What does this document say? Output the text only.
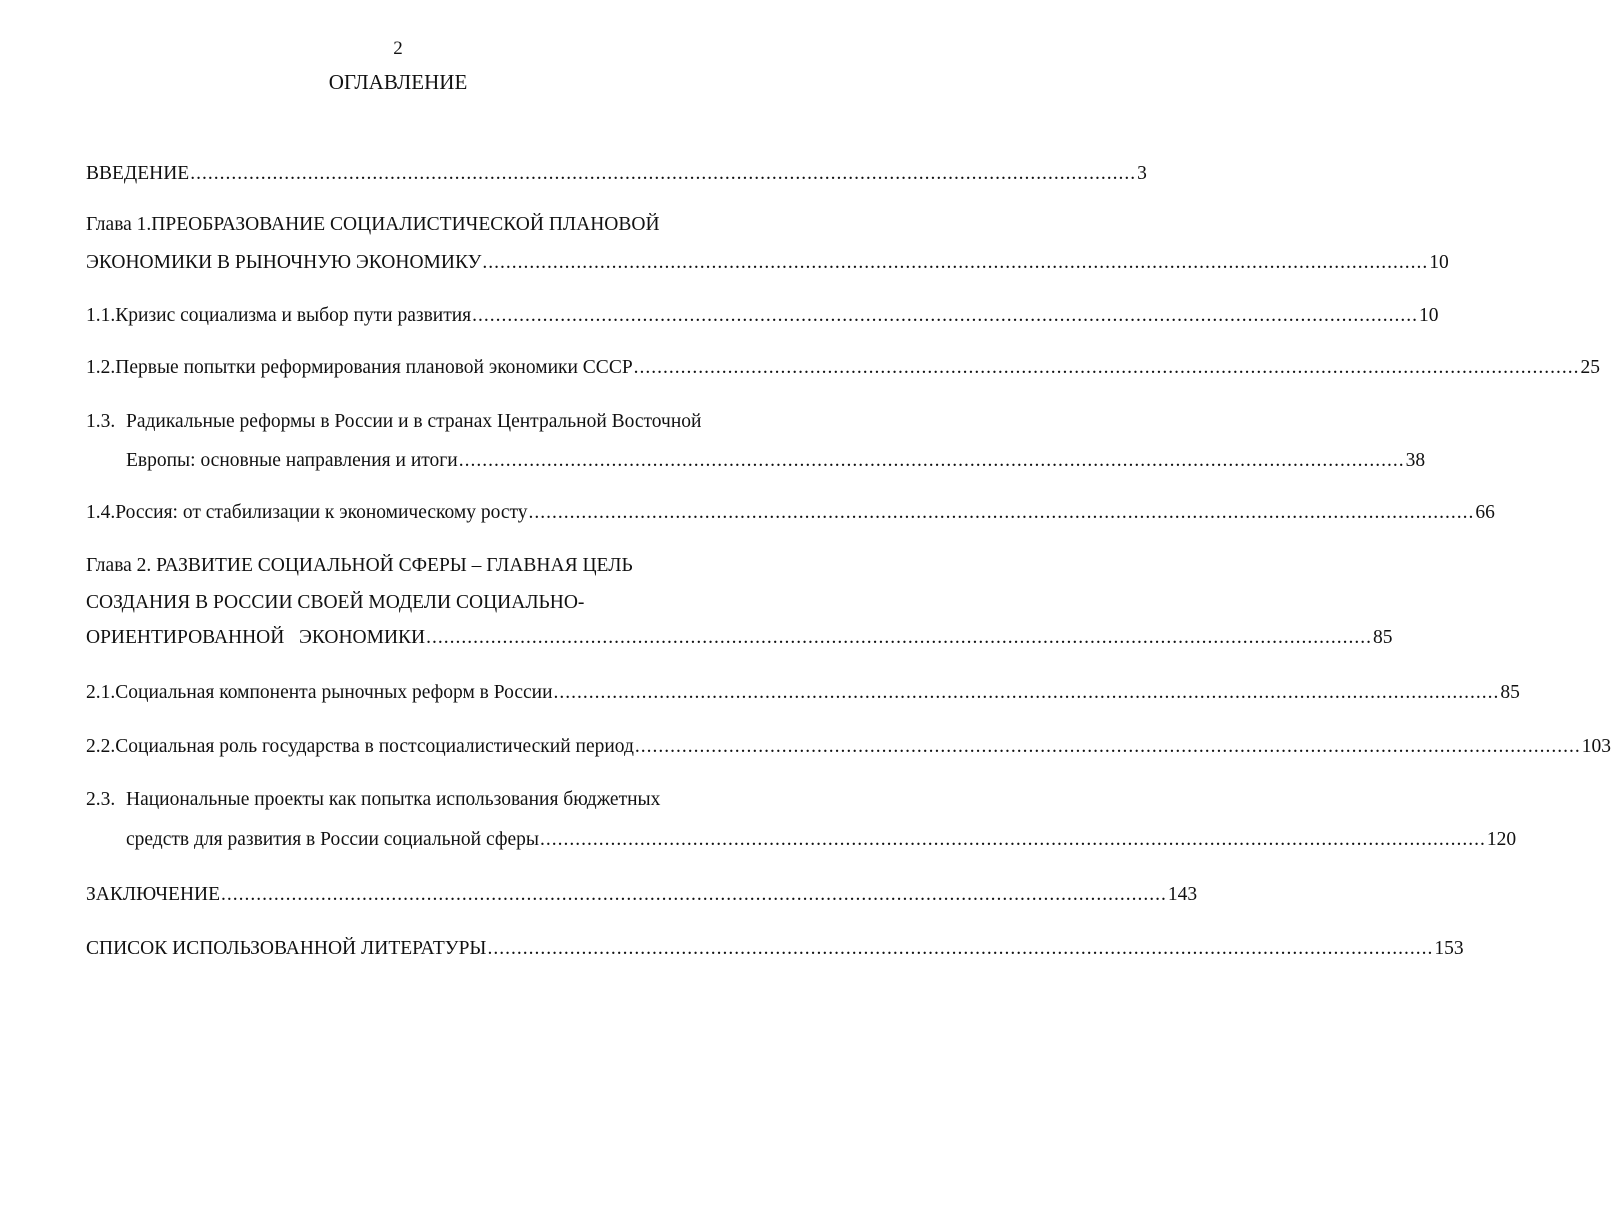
2
ОГЛАВЛЕНИЕ
ВВЕДЕНИЕ ................................................................................................................................................................. 3
Глава 1.ПРЕОБРАЗОВАНИЕ СОЦИАЛИСТИЧЕСКОЙ ПЛАНОВОЙ
ЭКОНОМИКИ В РЫНОЧНУЮ ЭКОНОМИКУ ................................................................................................................................................................. 10
1.1. Кризис социализма и выбор пути развития ................................................................................................................................................................. 10
1.2. Первые попытки реформирования плановой экономики СССР ................................................................................................................................................................. 25
1.3. Радикальные реформы в России и в странах Центральной Восточной
Европы: основные направления и итоги ................................................................................................................................................................. 38
1.4. Россия: от стабилизации к экономическому росту ................................................................................................................................................................. 66
Глава 2. РАЗВИТИЕ СОЦИАЛЬНОЙ СФЕРЫ – ГЛАВНАЯ ЦЕЛЬ
СОЗДАНИЯ В РОССИИ СВОЕЙ МОДЕЛИ СОЦИАЛЬНО-
ОРИЕНТИРОВАННОЙ   ЭКОНОМИКИ ................................................................................................................................................................. 85
2.1. Социальная компонента рыночных реформ в России ................................................................................................................................................................. 85
2.2. Социальная роль государства в постсоциалистический период ................................................................................................................................................................. 103
2.3. Национальные проекты как попытка использования бюджетных
средств для развития в России социальной сферы ................................................................................................................................................................. 120
ЗАКЛЮЧЕНИЕ ................................................................................................................................................................. 143
СПИСОК ИСПОЛЬЗОВАННОЙ ЛИТЕРАТУРЫ ................................................................................................................................................................. 153
